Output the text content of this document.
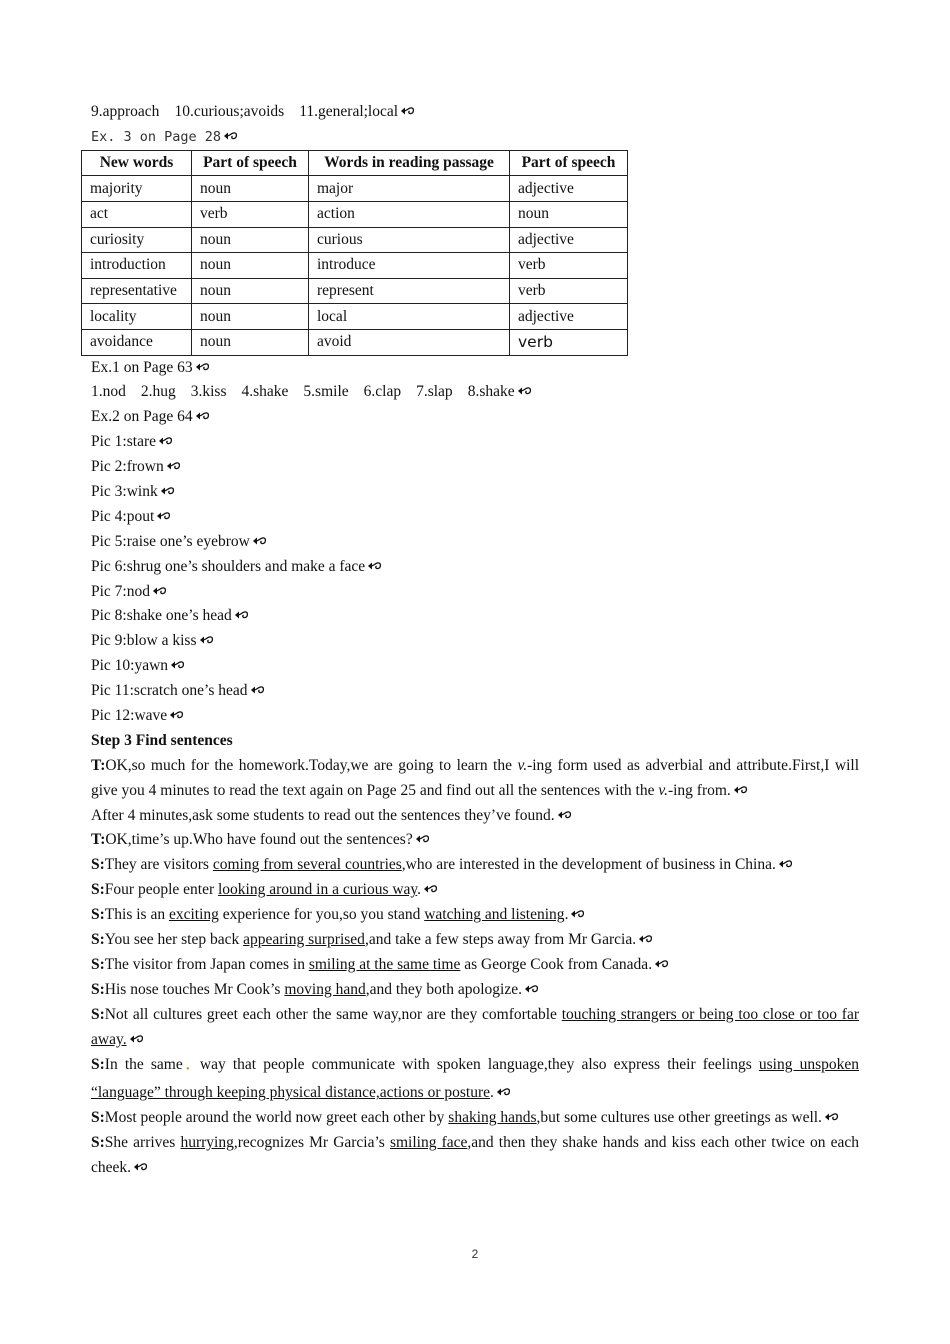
9.approach 10.curious;avoids 11.general;local
Ex. 3 on Page 28
New words	Part of speech	Words in reading passage	Part of speech
majority	noun	major	adjective
act	verb	action	noun
curiosity	noun	curious	adjective
introduction	noun	introduce	verb
representative	noun	represent	verb
locality	noun	local	adjective
avoidance	noun	avoid	verb
Ex.1 on Page 63
1.nod 2.hug 3.kiss 4.shake 5.smile 6.clap 7.slap 8.shake
Ex.2 on Page 64
Pic 1:stare
Pic 2:frown
Pic 3:wink
Pic 4:pout
Pic 5:raise one’s eyebrow
Pic 6:shrug one’s shoulders and make a face
Pic 7:nod
Pic 8:shake one’s head
Pic 9:blow a kiss
Pic 10:yawn
Pic 11:scratch one’s head
Pic 12:wave
Step 3 Find sentences
T:OK,so much for the homework.Today,we are going to learn the v.-ing form used as adverbial and attribute.First,I will give you 4 minutes to read the text again on Page 25 and find out all the sentences with the v.-ing from.
After 4 minutes,ask some students to read out the sentences they’ve found.
T:OK,time’s up.Who have found out the sentences?
S:They are visitors coming from several countries,who are interested in the development of business in China.
S:Four people enter looking around in a curious way.
S:This is an exciting experience for you,so you stand watching and listening.
S:You see her step back appearing surprised,and take a few steps away from Mr Garcia.
S:The visitor from Japan comes in smiling at the same time as George Cook from Canada.
S:His nose touches Mr Cook’s moving hand,and they both apologize.
S:Not all cultures greet each other the same way,nor are they comfortable touching strangers or being too close or too far away.
S:In the same● way that people communicate with spoken language,they also express their feelings using unspoken “language” through keeping physical distance,actions or posture.
S:Most people around the world now greet each other by shaking hands,but some cultures use other greetings as well.
S:She arrives hurrying,recognizes Mr Garcia’s smiling face,and then they shake hands and kiss each other twice on each cheek.
2
